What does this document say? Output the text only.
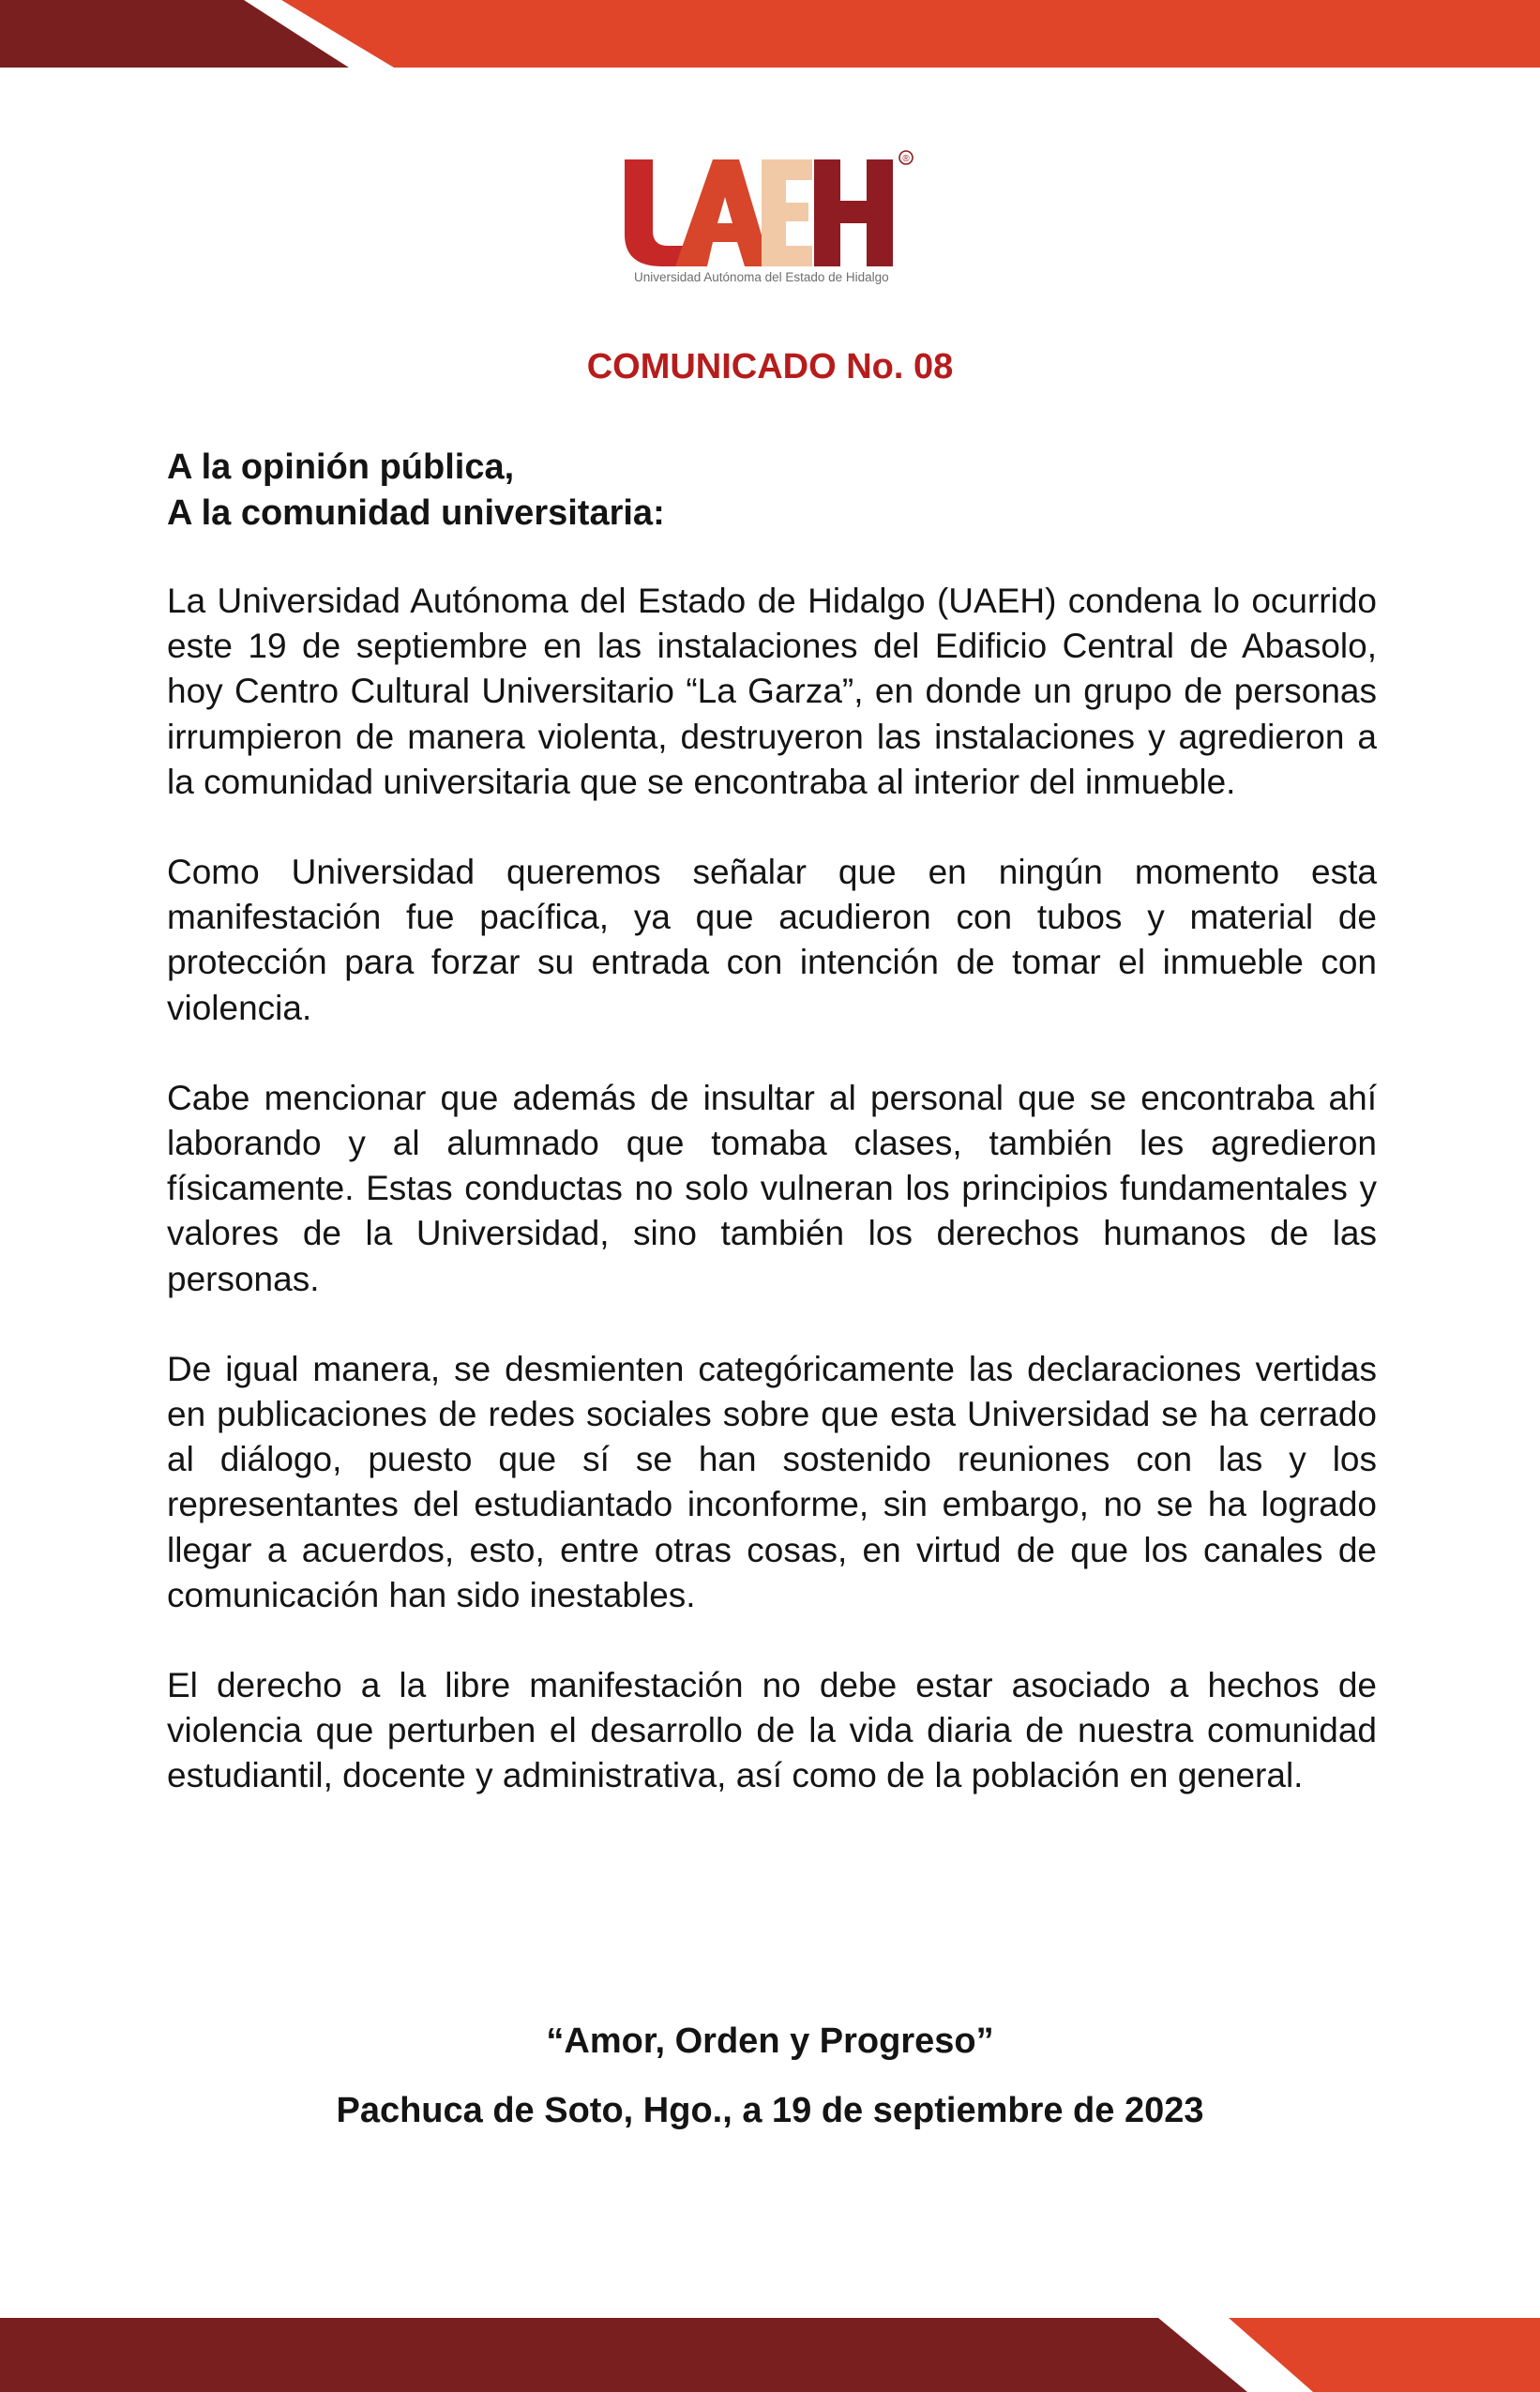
®
Universidad Autónoma del Estado de Hidalgo
COMUNICADO No. 08
A la opinión pública,
A la comunidad universitaria:

La Universidad Autónoma del Estado de Hidalgo (UAEH) condena lo ocurrido este 19 de septiembre en las instalaciones del Edificio Central de Abasolo, hoy Centro Cultural Universitario “La Garza”, en donde un grupo de personas irrumpieron de manera violenta, destruyeron las instalaciones y agredieron a la comunidad universitaria que se encontraba al interior del inmueble.

Como Universidad queremos señalar que en ningún momento esta manifestación fue pacífica, ya que acudieron con tubos y material de protección para forzar su entrada con intención de tomar el inmueble con violencia.

Cabe mencionar que además de insultar al personal que se encontraba ahí laborando y al alumnado que tomaba clases, también les agredieron físicamente. Estas conductas no solo vulneran los principios fundamentales y valores de la Universidad, sino también los derechos humanos de las personas.

De igual manera, se desmienten categóricamente las declaraciones vertidas en publicaciones de redes sociales sobre que esta Universidad se ha cerrado al diálogo, puesto que sí se han sostenido reuniones con las y los representantes del estudiantado inconforme, sin embargo, no se ha logrado llegar a acuerdos, esto, entre otras cosas, en virtud de que los canales de comunicación han sido inestables.

El derecho a la libre manifestación no debe estar asociado a hechos de violencia que perturben el desarrollo de la vida diaria de nuestra comunidad estudiantil, docente y administrativa, así como de la población en general.

“Amor, Orden y Progreso”
Pachuca de Soto, Hgo., a 19 de septiembre de 2023
